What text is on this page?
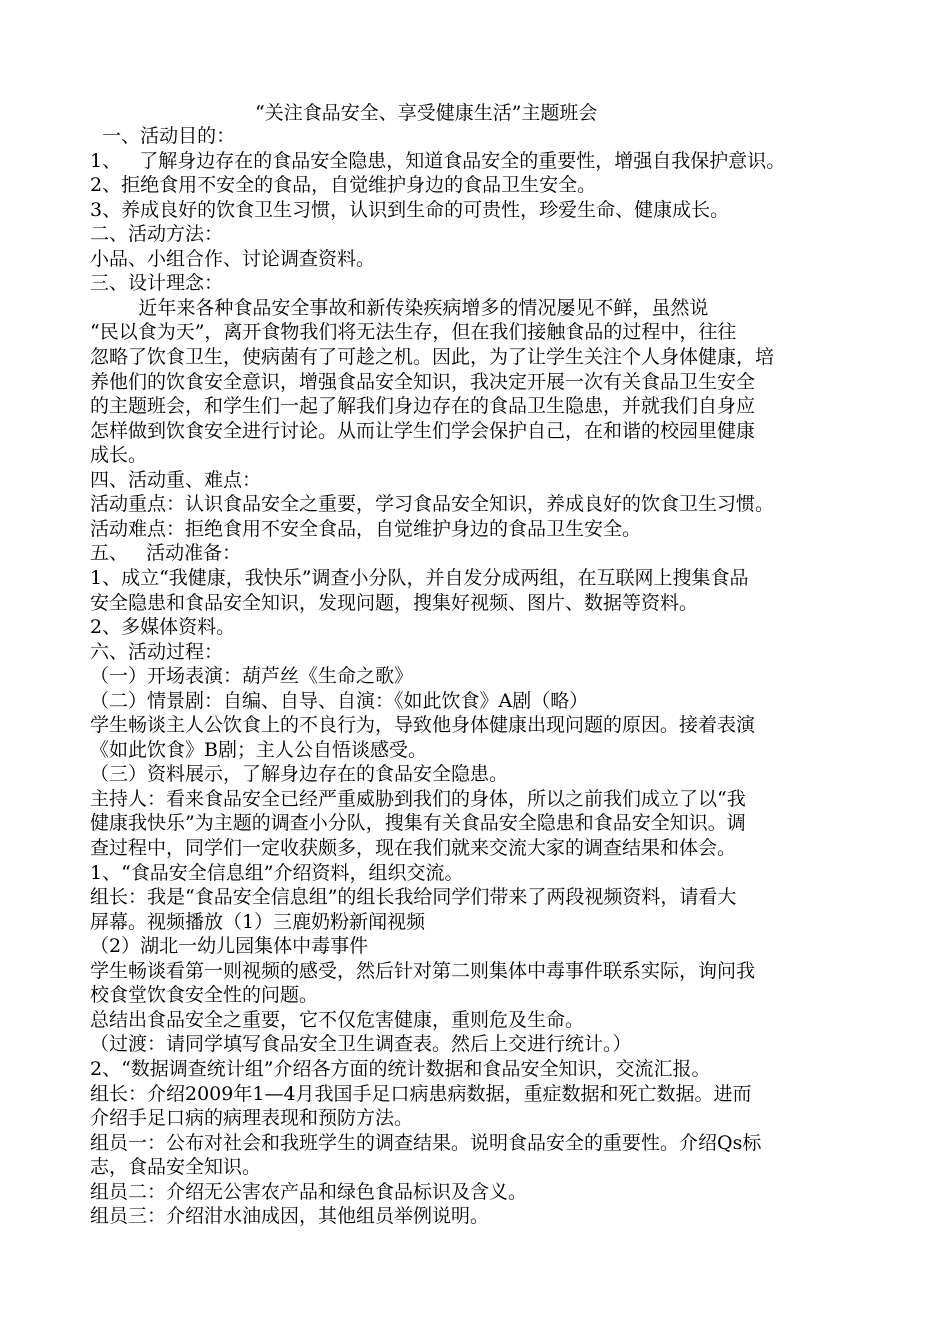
“关注食品安全、享受健康生活”主题班会
一、活动目的：
1、   了解身边存在的食品安全隐患，知道食品安全的重要性，增强自我保护意识。
2、拒绝食用不安全的食品，自觉维护身边的食品卫生安全。
3、养成良好的饮食卫生习惯，认识到生命的可贵性，珍爱生命、健康成长。
二、活动方法：
小品、小组合作、讨论调查资料。
三、设计理念：
近年来各种食品安全事故和新传染疾病增多的情况屡见不鲜，虽然说
“民以食为天”，离开食物我们将无法生存，但在我们接触食品的过程中，往往
忽略了饮食卫生，使病菌有了可趁之机。因此，为了让学生关注个人身体健康，培
养他们的饮食安全意识，增强食品安全知识，我决定开展一次有关食品卫生安全
的主题班会，和学生们一起了解我们身边存在的食品卫生隐患，并就我们自身应
怎样做到饮食安全进行讨论。从而让学生们学会保护自己，在和谐的校园里健康
成长。
四、活动重、难点：
活动重点：认识食品安全之重要，学习食品安全知识，养成良好的饮食卫生习惯。
活动难点：拒绝食用不安全食品，自觉维护身边的食品卫生安全。
五、   活动准备：
1、成立“我健康，我快乐”调查小分队，并自发分成两组，在互联网上搜集食品
安全隐患和食品安全知识，发现问题，搜集好视频、图片、数据等资料。
2、多媒体资料。
六、活动过程：
（一）开场表演：葫芦丝《生命之歌》
（二）情景剧：自编、自导、自演：《如此饮食》A剧（略）
学生畅谈主人公饮食上的不良行为，导致他身体健康出现问题的原因。接着表演
《如此饮食》B剧；主人公自悟谈感受。
（三）资料展示，了解身边存在的食品安全隐患。
主持人：看来食品安全已经严重威胁到我们的身体，所以之前我们成立了以“我
健康我快乐”为主题的调查小分队，搜集有关食品安全隐患和食品安全知识。调
查过程中，同学们一定收获颇多，现在我们就来交流大家的调查结果和体会。
1、“食品安全信息组”介绍资料，组织交流。
组长：我是“食品安全信息组”的组长我给同学们带来了两段视频资料，请看大
屏幕。视频播放（1）三鹿奶粉新闻视频
（2）湖北一幼儿园集体中毒事件
学生畅谈看第一则视频的感受，然后针对第二则集体中毒事件联系实际，询问我
校食堂饮食安全性的问题。
总结出食品安全之重要，它不仅危害健康，重则危及生命。
（过渡：请同学填写食品安全卫生调查表。然后上交进行统计。）
2、“数据调查统计组”介绍各方面的统计数据和食品安全知识，交流汇报。
组长：介绍2009年1—4月我国手足口病患病数据，重症数据和死亡数据。进而
介绍手足口病的病理表现和预防方法。
组员一：公布对社会和我班学生的调查结果。说明食品安全的重要性。介绍Qs标
志，食品安全知识。
组员二：介绍无公害农产品和绿色食品标识及含义。
组员三：介绍泔水油成因，其他组员举例说明。
